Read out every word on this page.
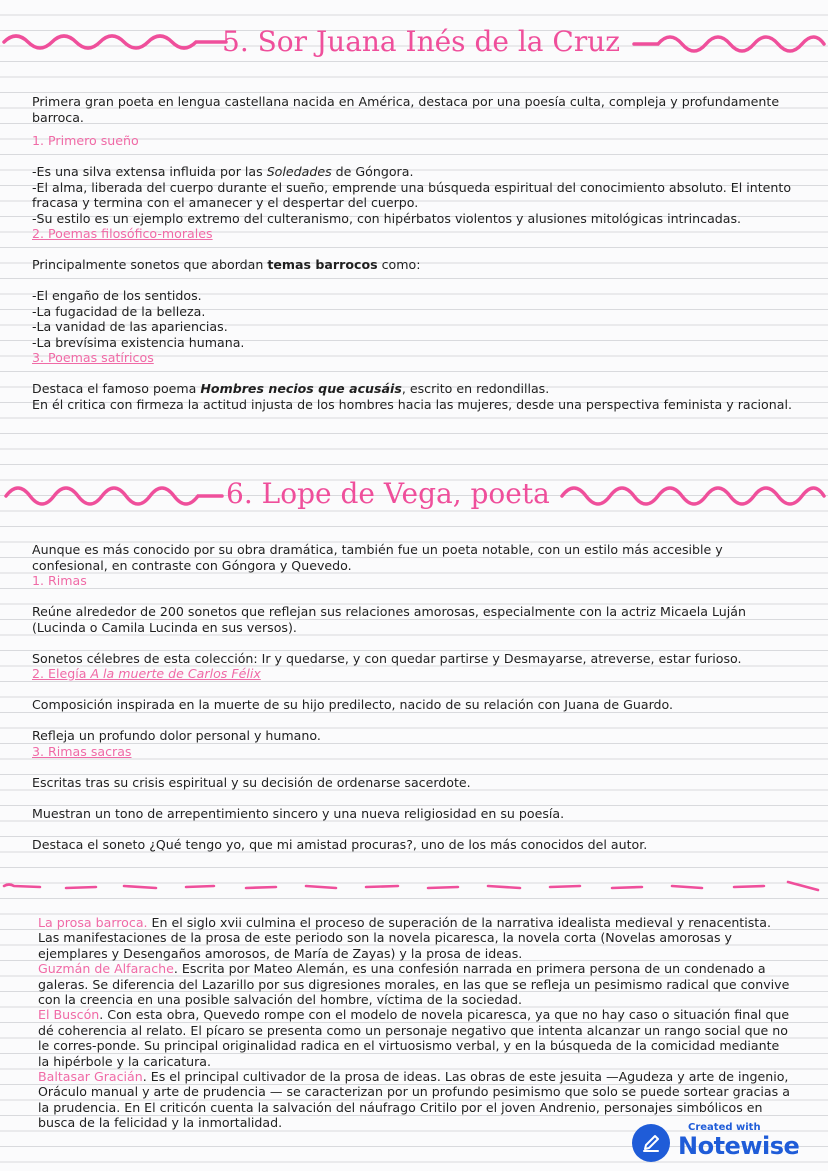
5. Sor Juana Inés de la Cruz

Primera gran poeta en lengua castellana nacida en América, destaca por una poesía culta, compleja y profundamente barroca.

1. Primero sueño

-Es una silva extensa influida por las Soledades de Góngora.

-El alma, liberada del cuerpo durante el sueño, emprende una búsqueda espiritual del conocimiento absoluto. El intento fracasa y termina con el amanecer y el despertar del cuerpo.

-Su estilo es un ejemplo extremo del culteranismo, con hipérbatos violentos y alusiones mitológicas intrincadas.

2. Poemas filosófico-morales

Principalmente sonetos que abordan temas barrocos como:

-El engaño de los sentidos.

-La fugacidad de la belleza.

-La vanidad de las apariencias.

-La brevísima existencia humana.

3. Poemas satíricos

Destaca el famoso poema Hombres necios que acusáis, escrito en redondillas.

En él critica con firmeza la actitud injusta de los hombres hacia las mujeres, desde una perspectiva feminista y racional.

6. Lope de Vega, poeta

Aunque es más conocido por su obra dramática, también fue un poeta notable, con un estilo más accesible y confesional, en contraste con Góngora y Quevedo.

1. Rimas

Reúne alrededor de 200 sonetos que reflejan sus relaciones amorosas, especialmente con la actriz Micaela Luján (Lucinda o Camila Lucinda en sus versos).

Sonetos célebres de esta colección: Ir y quedarse, y con quedar partirse y Desmayarse, atreverse, estar furioso.

2. Elegía A la muerte de Carlos Félix

Composición inspirada en la muerte de su hijo predilecto, nacido de su relación con Juana de Guardo.

Refleja un profundo dolor personal y humano.

3. Rimas sacras

Escritas tras su crisis espiritual y su decisión de ordenarse sacerdote.

Muestran un tono de arrepentimiento sincero y una nueva religiosidad en su poesía.

Destaca el soneto ¿Qué tengo yo, que mi amistad procuras?, uno de los más conocidos del autor.

La prosa barroca. En el siglo xvii culmina el proceso de superación de la narrativa idealista medieval y renacentista. Las manifestaciones de la prosa de este periodo son la novela picaresca, la novela corta (Novelas amorosas y ejemplares y Desengaños amorosos, de María de Zayas) y la prosa de ideas.

Guzmán de Alfarache. Escrita por Mateo Alemán, es una confesión narrada en primera persona de un condenado a galeras. Se diferencia del Lazarillo por sus digresiones morales, en las que se refleja un pesimismo radical que convive con la creencia en una posible salvación del hombre, víctima de la sociedad.

El Buscón. Con esta obra, Quevedo rompe con el modelo de novela picaresca, ya que no hay caso o situación final que dé coherencia al relato. El pícaro se presenta como un personaje negativo que intenta alcanzar un rango social que no le corres-ponde. Su principal originalidad radica en el virtuosismo verbal, y en la búsqueda de la comicidad mediante la hipérbole y la caricatura.

Baltasar Gracián. Es el principal cultivador de la prosa de ideas. Las obras de este jesuita —Agudeza y arte de ingenio, Oráculo manual y arte de prudencia — se caracterizan por un profundo pesimismo que solo se puede sortear gracias a la prudencia. En El criticón cuenta la salvación del náufrago Critilo por el joven Andrenio, personajes simbólicos en busca de la felicidad y la inmortalidad.	Created with
Notewise
